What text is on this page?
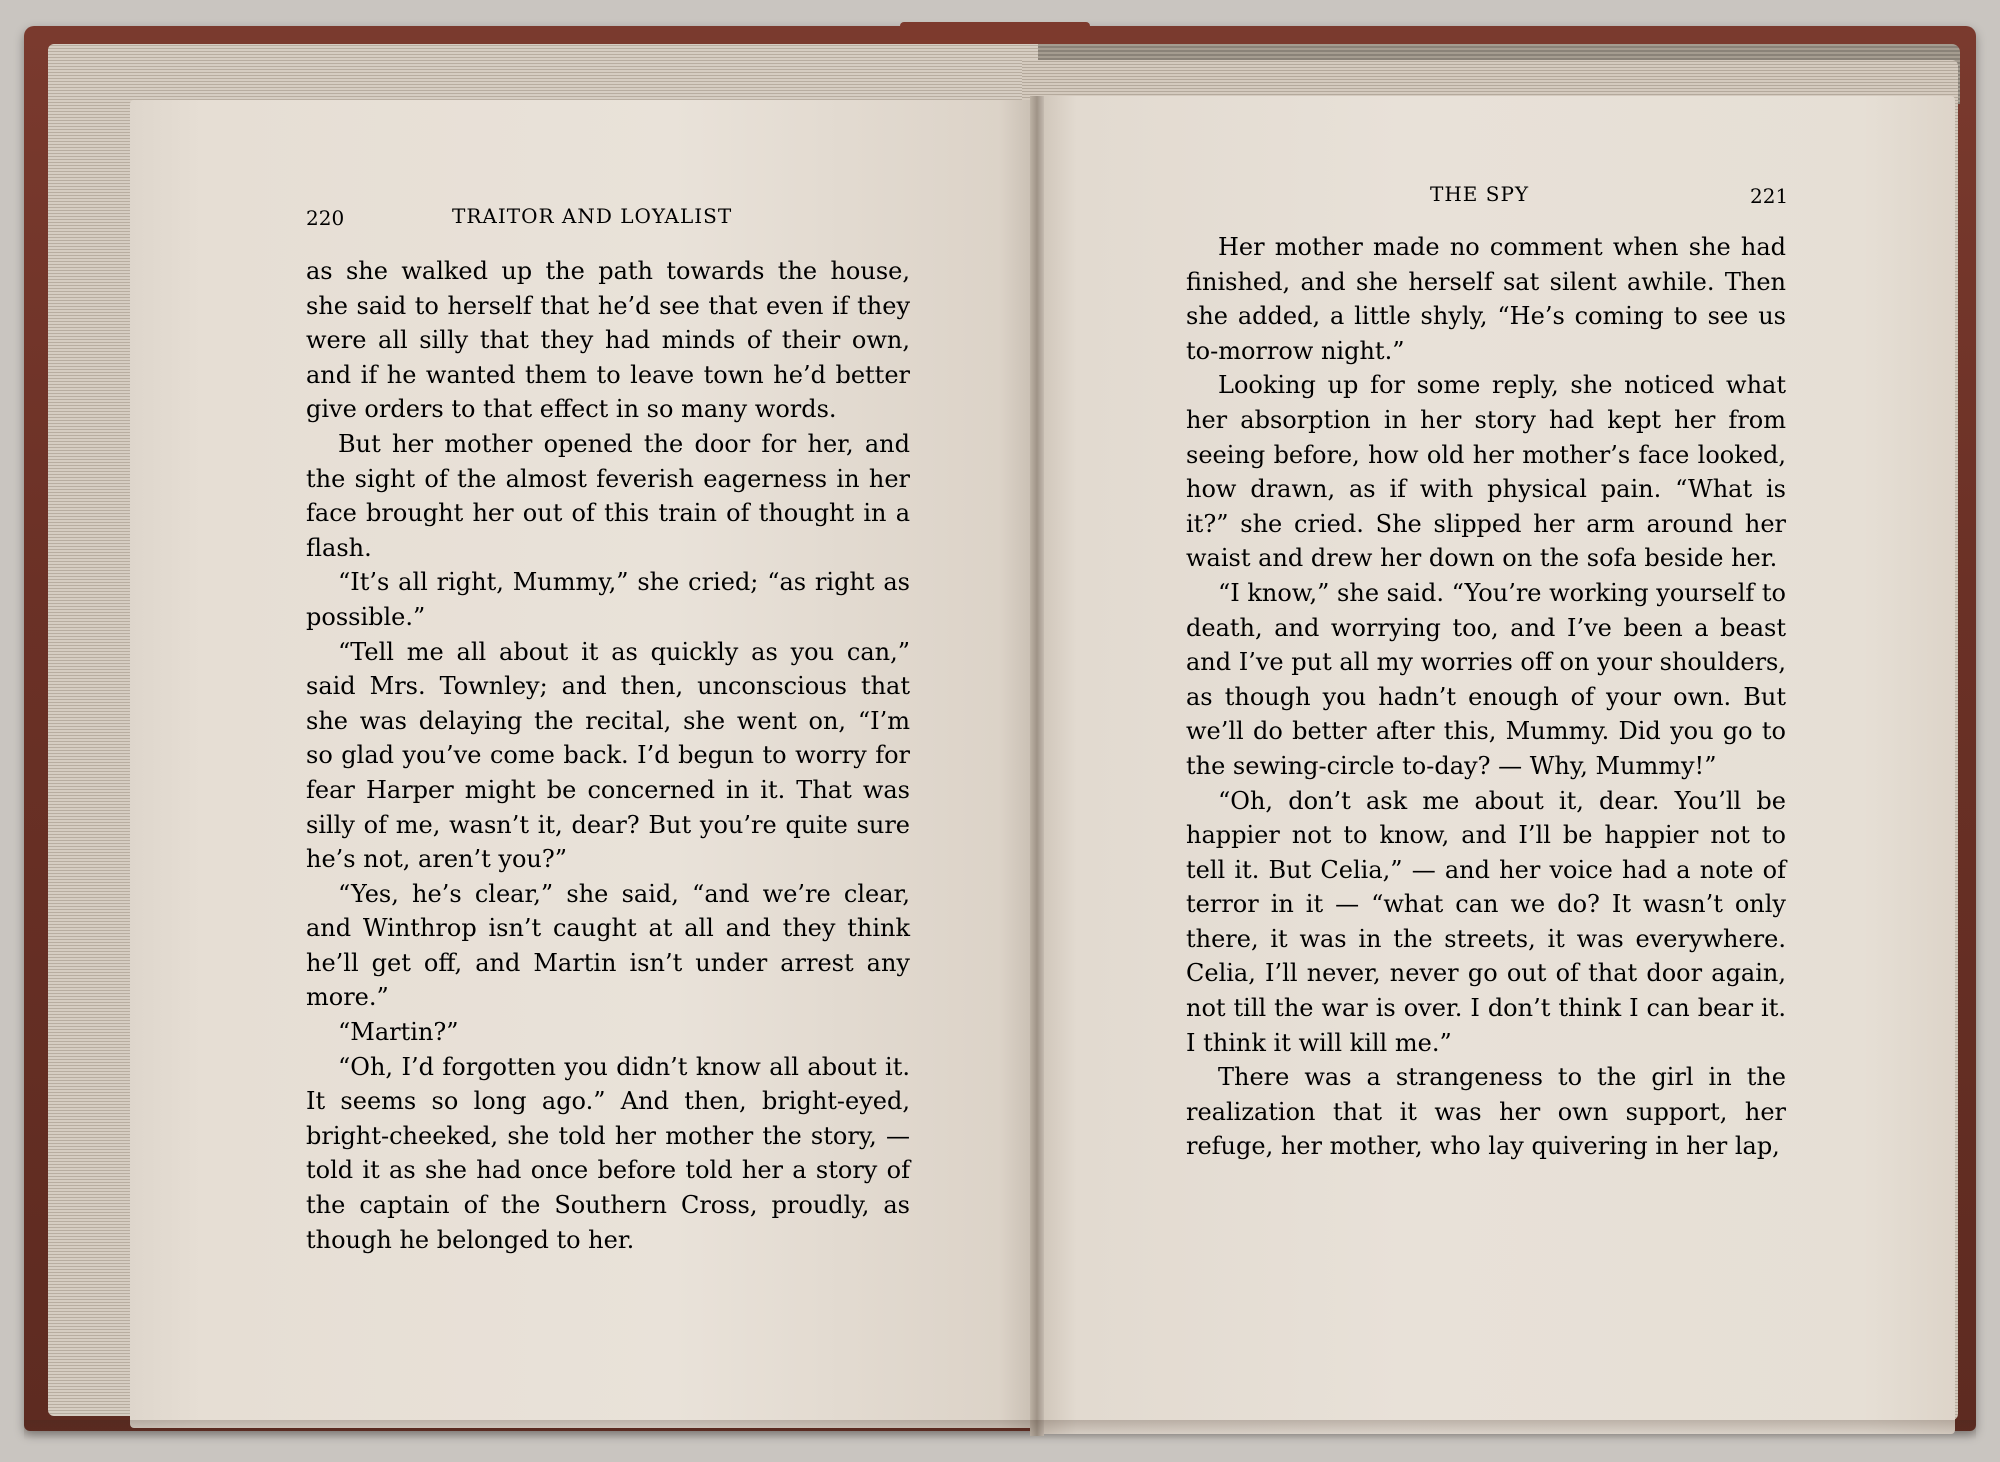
220	TRAITOR AND LOYALIST
THE SPY	221

as she walked up the path towards the house, she said to herself that he’d see that even if they were all silly that they had minds of their own, and if he wanted them to leave town he’d better give orders to that effect in so many words.

But her mother opened the door for her, and the sight of the almost feverish eagerness in her face brought her out of this train of thought in a flash.

“It’s all right, Mummy,” she cried; “as right as possible.”

“Tell me all about it as quickly as you can,” said Mrs. Townley; and then, unconscious that she was delaying the recital, she went on, “I’m so glad you’ve come back. I’d begun to worry for fear Harper might be concerned in it. That was silly of me, wasn’t it, dear? But you’re quite sure he’s not, aren’t you?”

“Yes, he’s clear,” she said, “and we’re clear, and Winthrop isn’t caught at all and they think he’ll get off, and Martin isn’t under arrest any more.”

“Martin?”

“Oh, I’d forgotten you didn’t know all about it. It seems so long ago.” And then, bright-eyed, bright-cheeked, she told her mother the story, — told it as she had once before told her a story of the captain of the Southern Cross, proudly, as though he belonged to her.

Her mother made no comment when she had finished, and she herself sat silent awhile. Then she added, a little shyly, “He’s coming to see us to-morrow night.”

Looking up for some reply, she noticed what her absorption in her story had kept her from seeing before, how old her mother’s face looked, how drawn, as if with physical pain. “What is it?” she cried. She slipped her arm around her waist and drew her down on the sofa beside her.

“I know,” she said. “You’re working yourself to death, and worrying too, and I’ve been a beast and I’ve put all my worries off on your shoulders, as though you hadn’t enough of your own. But we’ll do better after this, Mummy. Did you go to the sewing-circle to-day? — Why, Mummy!”

“Oh, don’t ask me about it, dear. You’ll be happier not to know, and I’ll be happier not to tell it. But Celia,” — and her voice had a note of terror in it — “what can we do? It wasn’t only there, it was in the streets, it was everywhere. Celia, I’ll never, never go out of that door again, not till the war is over. I don’t think I can bear it. I think it will kill me.”

There was a strangeness to the girl in the realization that it was her own support, her refuge, her mother, who lay quivering in her lap,
